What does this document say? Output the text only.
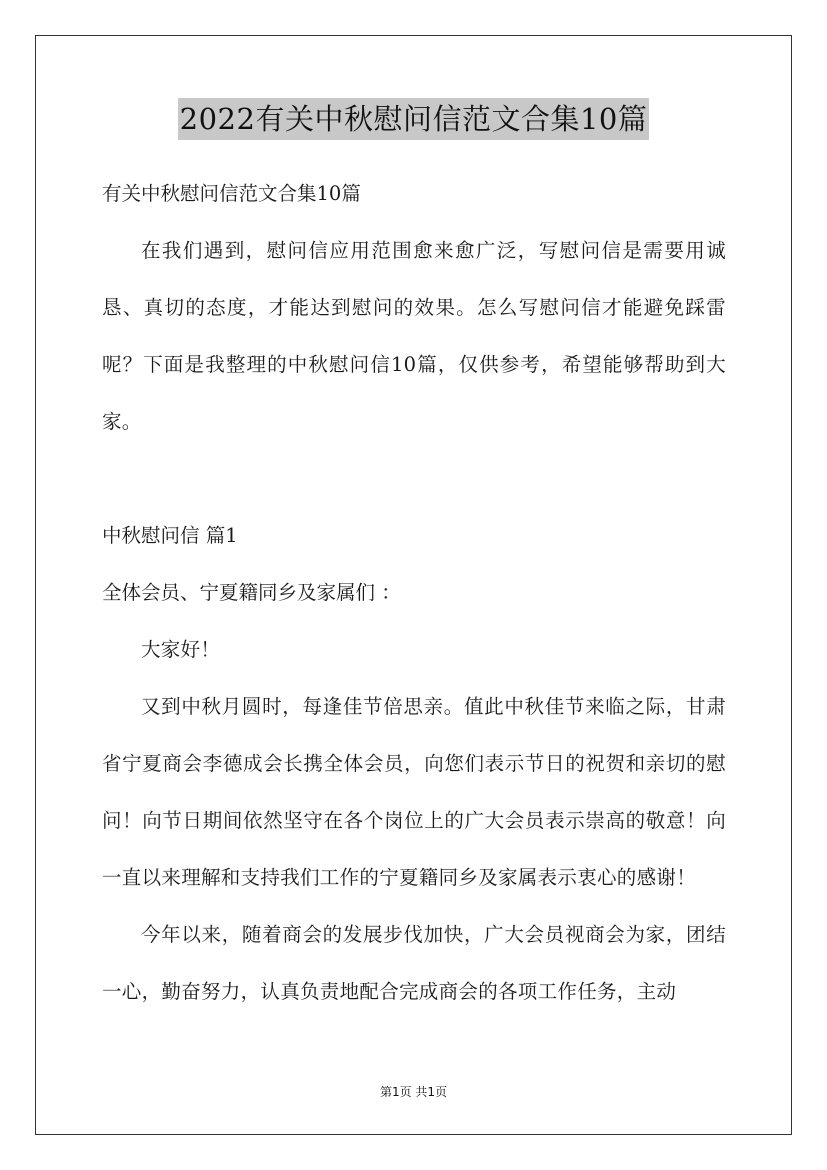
2022有关中秋慰问信范文合集10篇

有关中秋慰问信范文合集10篇

在我们遇到，慰问信应用范围愈来愈广泛，写慰问信是需要用诚恳、真切的态度，才能达到慰问的效果。怎么写慰问信才能避免踩雷呢？下面是我整理的中秋慰问信10篇，仅供参考，希望能够帮助到大家。

中秋慰问信 篇1

全体会员、宁夏籍同乡及家属们 ：

大家好！

又到中秋月圆时，每逢佳节倍思亲。值此中秋佳节来临之际，甘肃省宁夏商会李德成会长携全体会员，向您们表示节日的祝贺和亲切的慰问！向节日期间依然坚守在各个岗位上的广大会员表示崇高的敬意！向一直以来理解和支持我们工作的宁夏籍同乡及家属表示衷心的感谢！

今年以来，随着商会的发展步伐加快，广大会员视商会为家，团结一心，勤奋努力，认真负责地配合完成商会的各项工作任务，主动

第1页 共1页
